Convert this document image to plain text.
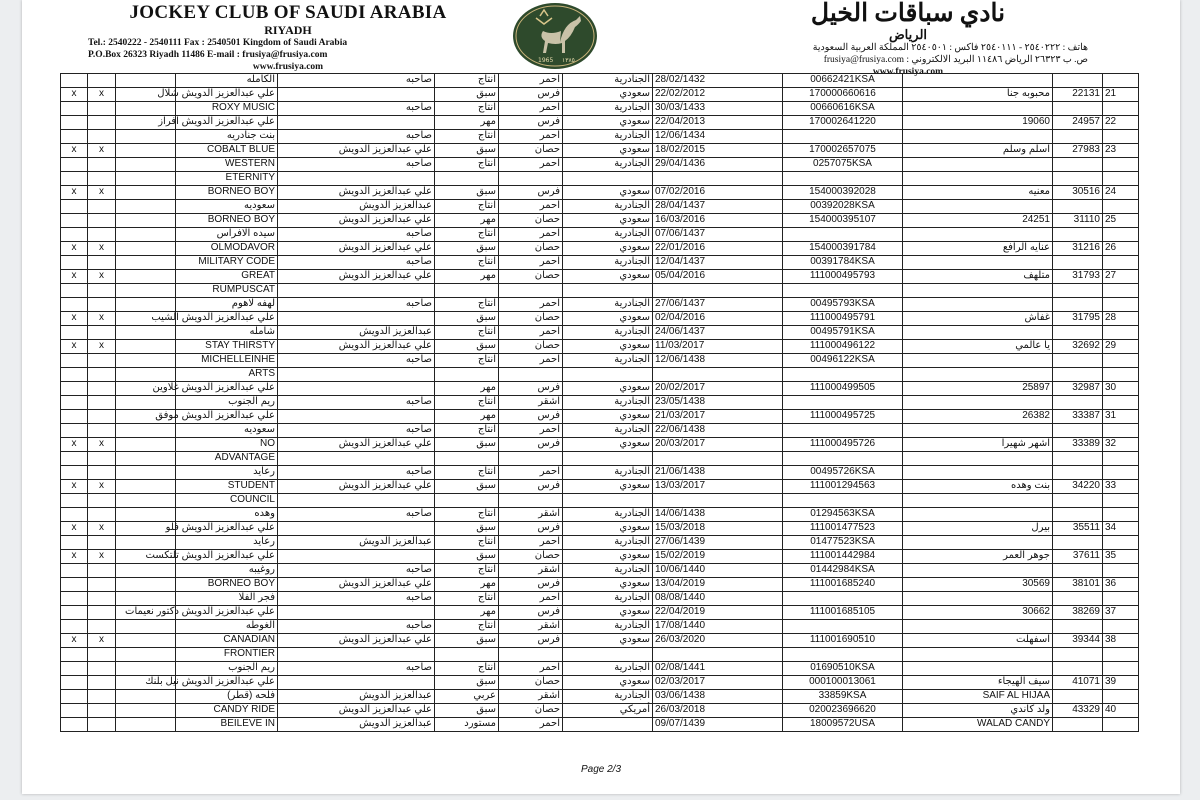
JOCKEY CLUB OF SAUDI ARABIA
RIYADH
Tel.: 2540222 - 2540111 Fax : 2540501 Kingdom of Saudi Arabia
P.O.Box 26323 Riyadh 11486 E-mail : frusiya@frusiya.com
www.frusiya.com
1965 ١٣٨٥
نادي سباقات الخيل
الرياض
هاتف : ٢٥٤٠٢٢٢ - ٢٥٤٠١١١ فاكس : ٢٥٤٠٥٠١ المملكة العربية السعودية
ص. ب ٢٦٣٢٣ الرياض ١١٤٨٦ البريد الالكتروني : frusiya@frusiya.com
www.frusiya.com
			الكامله	صاحبه	انتاج	احمر	الجنادرية	28/02/1432	00662421KSA			
x	x		علي عبدالعزيز الدويش شلال		سبق	فرس	سعودي	22/02/2012	170000660616	محبوبه جنا	22131	21
			ROXY MUSIC	صاحبه	انتاج	احمر	الجنادرية	30/03/1433	00660616KSA			
			علي عبدالعزيز الدويش افراز		مهر	فرس	سعودي	22/04/2013	170002641220	19060	24957	22
			بنت جنادريه	صاحبه	انتاج	احمر	الجنادرية	12/06/1434				
x	x		COBALT BLUE	علي عبدالعزيز الدويش	سبق	حصان	سعودي	18/02/2015	170002657075	اسلم وسلم	27983	23
			WESTERN	صاحبه	انتاج	احمر	الجنادرية	29/04/1436	0257075KSA			
			ETERNITY									
x	x		BORNEO BOY	علي عبدالعزيز الدويش	سبق	فرس	سعودي	07/02/2016	154000392028	معنيه	30516	24
			سعوديه	عبدالعزيز الدويش	انتاج	احمر	الجنادرية	28/04/1437	00392028KSA			
			BORNEO BOY	علي عبدالعزيز الدويش	مهر	حصان	سعودي	16/03/2016	154000395107	24251	31110	25
			سيده الافراس	صاحبه	انتاج	احمر	الجنادرية	07/06/1437				
x	x		OLMODAVOR	علي عبدالعزيز الدويش	سبق	حصان	سعودي	22/01/2016	154000391784	عنايه الرافع	31216	26
			MILITARY CODE	صاحبه	انتاج	احمر	الجنادرية	12/04/1437	00391784KSA			
x	x		GREAT	علي عبدالعزيز الدويش	مهر	حصان	سعودي	05/04/2016	111000495793	متلهف	31793	27
			RUMPUSCAT									
			لهفه لاهوم	صاحبه	انتاج	احمر	الجنادرية	27/06/1437	00495793KSA			
x	x		علي عبدالعزيز الدويش الشيب		سبق	حصان	سعودي	02/04/2016	111000495791	غفاش	31795	28
			شامله	عبدالعزيز الدويش	انتاج	احمر	الجنادرية	24/06/1437	00495791KSA			
x	x		STAY THIRSTY	علي عبدالعزيز الدويش	سبق	حصان	سعودي	11/03/2017	111000496122	يا عالمي	32692	29
			MICHELLEINHE	صاحبه	انتاج	احمر	الجنادرية	12/06/1438	00496122KSA			
			ARTS									
			علي عبدالعزيز الدويش غلاوين		مهر	فرس	سعودي	20/02/2017	111000499505	25897	32987	30
			ريم الجنوب	صاحبه	انتاج	اشقر	الجنادرية	23/05/1438				
			علي عبدالعزيز الدويش موفق		مهر	فرس	سعودي	21/03/2017	111000495725	26382	33387	31
			سعوديه	صاحبه	انتاج	احمر	الجنادرية	22/06/1438				
x	x		NO	علي عبدالعزيز الدويش	سبق	فرس	سعودي	20/03/2017	111000495726	اشهر شهيرا	33389	32
			ADVANTAGE									
			رعايد	صاحبه	انتاج	احمر	الجنادرية	21/06/1438	00495726KSA			
x	x		STUDENT	علي عبدالعزيز الدويش	سبق	فرس	سعودي	13/03/2017	111001294563	بنت وهده	34220	33
			COUNCIL									
			وهده	صاحبه	انتاج	اشقر	الجنادرية	14/06/1438	01294563KSA			
x	x		علي عبدالعزيز الدويش فلو		سبق	فرس	سعودي	15/03/2018	111001477523	بيرل	35511	34
			رعايد	عبدالعزيز الدويش	انتاج	احمر	الجنادرية	27/06/1439	01477523KSA			
x	x		علي عبدالعزيز الدويش تلتكست		سبق	حصان	سعودي	15/02/2019	111001442984	جوهر العمر	37611	35
			روغيبه	صاحبه	انتاج	اشقر	الجنادرية	10/06/1440	01442984KSA			
			BORNEO BOY	علي عبدالعزيز الدويش	مهر	فرس	سعودي	13/04/2019	111001685240	30569	38101	36
			فجر الفلا	صاحبه	انتاج	احمر	الجنادرية	08/08/1440				
			علي عبدالعزيز الدويش دكتور نعيمات		مهر	فرس	سعودي	22/04/2019	111001685105	30662	38269	37
			الغوطه	صاحبه	انتاج	اشقر	الجنادرية	17/08/1440				
x	x		CANADIAN	علي عبدالعزيز الدويش	سبق	فرس	سعودي	26/03/2020	111001690510	اسفهلت	39344	38
			FRONTIER									
			ريم الجنوب	صاحبه	انتاج	احمر	الجنادرية	02/08/1441	01690510KSA			
			علي عبدالعزيز الدويش نيل بلنك		سبق	حصان	سعودي	02/03/2017	000100013061	سيف الهيجاء	41071	39
			فلحه (قطر)	عبدالعزيز الدويش	عربي	اشقر	الجنادرية	03/06/1438	33859KSA	SAIF AL HIJAA		
			CANDY RIDE	علي عبدالعزيز الدويش	سبق	حصان	أمريكي	26/03/2018	020023696620	ولد كاندي	43329	40
			BEILEVE IN	عبدالعزيز الدويش	مستورد	احمر		09/07/1439	18009572USA	WALAD CANDY		
Page 2/3
